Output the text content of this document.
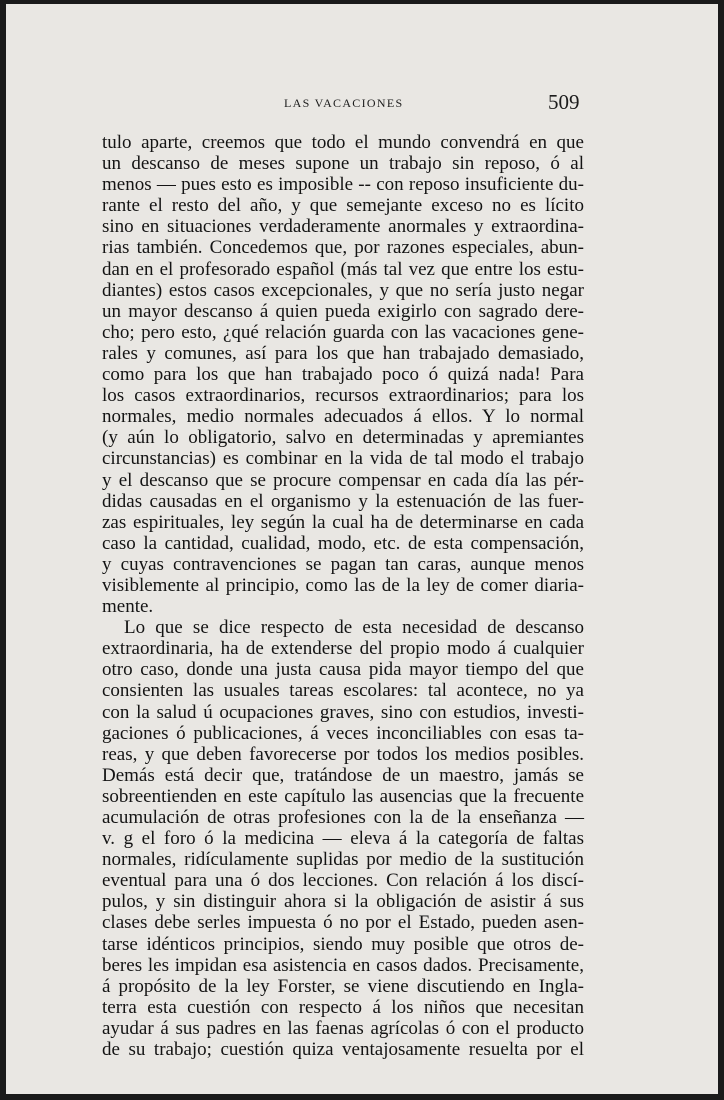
LAS VACACIONES	509
tulo aparte, creemos que todo el mundo convendrá en que
un descanso de meses supone un trabajo sin reposo, ó al
menos — pues esto es imposible -- con reposo insuficiente du-
rante el resto del año, y que semejante exceso no es lícito
sino en situaciones verdaderamente anormales y extraordina-
rias también. Concedemos que, por razones especiales, abun-
dan en el profesorado español (más tal vez que entre los estu-
diantes) estos casos excepcionales, y que no sería justo negar
un mayor descanso á quien pueda exigirlo con sagrado dere-
cho; pero esto, ¿qué relación guarda con las vacaciones gene-
rales y comunes, así para los que han trabajado demasiado,
como para los que han trabajado poco ó quizá nada! Para
los casos extraordinarios, recursos extraordinarios; para los
normales, medio normales adecuados á ellos. Y lo normal
(y aún lo obligatorio, salvo en determinadas y apremiantes
circunstancias) es combinar en la vida de tal modo el trabajo
y el descanso que se procure compensar en cada día las pér-
didas causadas en el organismo y la estenuación de las fuer-
zas espirituales, ley según la cual ha de determinarse en cada
caso la cantidad, cualidad, modo, etc. de esta compensación,
y cuyas contravenciones se pagan tan caras, aunque menos
visiblemente al principio, como las de la ley de comer diaria-
mente.
Lo que se dice respecto de esta necesidad de descanso
extraordinaria, ha de extenderse del propio modo á cualquier
otro caso, donde una justa causa pida mayor tiempo del que
consienten las usuales tareas escolares: tal acontece, no ya
con la salud ú ocupaciones graves, sino con estudios, investi-
gaciones ó publicaciones, á veces inconciliables con esas ta-
reas, y que deben favorecerse por todos los medios posibles.
Demás está decir que, tratándose de un maestro, jamás se
sobreentienden en este capítulo las ausencias que la frecuente
acumulación de otras profesiones con la de la enseñanza —
v. g el foro ó la medicina — eleva á la categoría de faltas
normales, ridículamente suplidas por medio de la sustitución
eventual para una ó dos lecciones. Con relación á los discí-
pulos, y sin distinguir ahora si la obligación de asistir á sus
clases debe serles impuesta ó no por el Estado, pueden asen-
tarse idénticos principios, siendo muy posible que otros de-
beres les impidan esa asistencia en casos dados. Precisamente,
á propósito de la ley Forster, se viene discutiendo en Ingla-
terra esta cuestión con respecto á los niños que necesitan
ayudar á sus padres en las faenas agrícolas ó con el producto
de su trabajo; cuestión quiza ventajosamente resuelta por el
